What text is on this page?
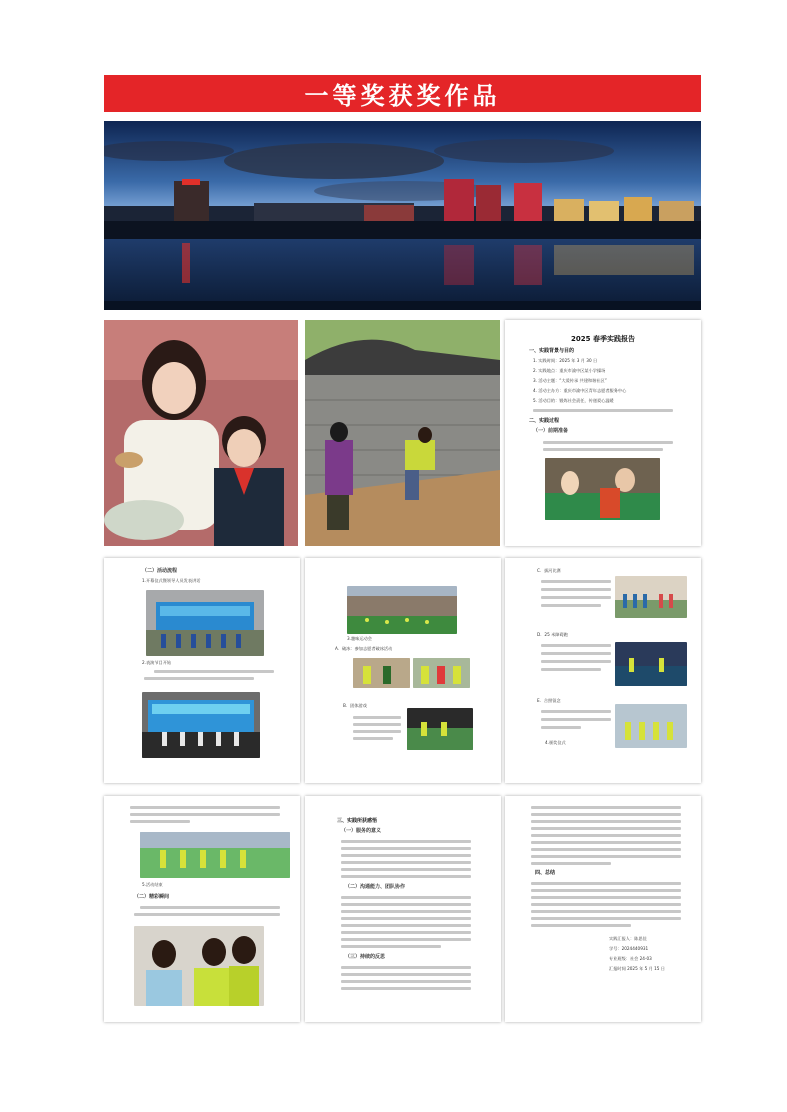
一等奖获奖作品
2025 春季实践报告
一、实践背景与目的
1. 实践时间：2025 年 3 月 30 日
2. 实践地点：重庆市渝中区某小学操场
3. 活动主题：“大爱传承 共建和谐社区”
4. 活动主办方：重庆市渝中区青年志愿者服务中心
5. 活动目的：锻炼社会责任，传递爱心温暖
二、实践过程
（一）前期准备
（二）活动流程
1.开幕仪式暨领导人员发表讲话
2.表演节目开始
3.趣味运动会
A．破冰：参加志愿者破冰活动
B．团体游戏
C．拔河比赛
D．25 米障碍跑
E．合照留念
4.颁奖仪式
5.活动结束
（二）精彩瞬间
三、实践所获感悟
（一）服务的意义
（二）沟通能力、团队协作
（三）持续的反思
四、总结
实践汇报人：陈思佳
学号：2024440931
专业班级：社会 24-03
汇报时间 2025 年 5 月 15 日
